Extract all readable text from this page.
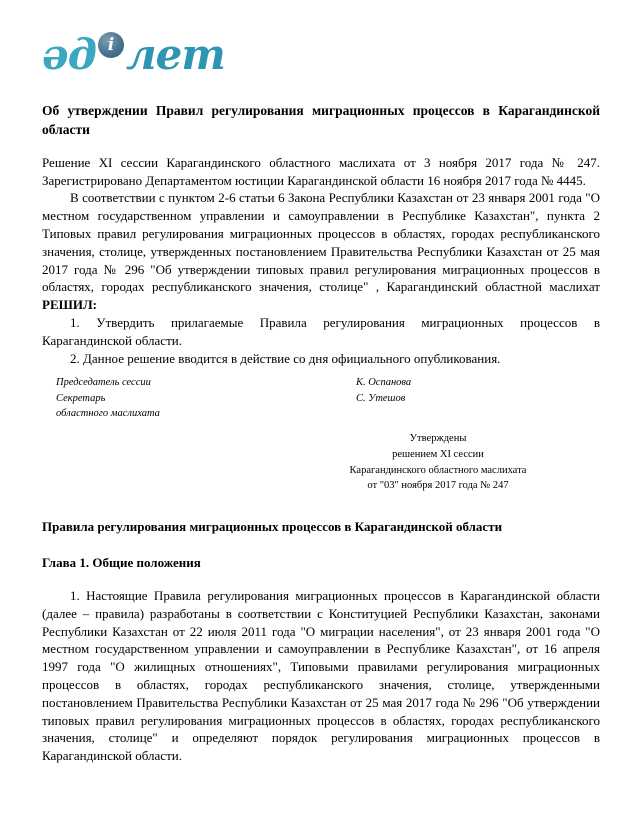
әд і лет
Об утверждении Правил регулирования миграционных процессов в Карагандинской области

Решение XI сессии Карагандинского областного маслихата от 3 ноября 2017 года № 247. Зарегистрировано Департаментом юстиции Карагандинской области 16 ноября 2017 года № 4445.

В соответствии с пунктом 2-6 статьи 6 Закона Республики Казахстан от 23 января 2001 года "О местном государственном управлении и самоуправлении в Республике Казахстан", пункта 2 Типовых правил регулирования миграционных процессов в областях, городах республиканского значения, столице, утвержденных постановлением Правительства Республики Казахстан от 25 мая 2017 года № 296 "Об утверждении типовых правил регулирования миграционных процессов в областях, городах республиканского значения, столице" , Карагандинский областной маслихат РЕШИЛ:

1. Утвердить прилагаемые Правила регулирования миграционных процессов в Карагандинской области.

2. Данное решение вводится в действие со дня официального опубликования.

Председатель сессии	К. Оспанова
Секретарь	С. Утешов
областного маслихата
Утверждены
решением XI сессии
Карагандинского областного маслихата
от "03" ноября 2017 года № 247
Правила регулирования миграционных процессов в Карагандинской области
Глава 1. Общие положения

1. Настоящие Правила регулирования миграционных процессов в Карагандинской области (далее – правила) разработаны в соответствии с Конституцией Республики Казахстан, законами Республики Казахстан от 22 июля 2011 года "О миграции населения", от 23 января 2001 года "О местном государственном управлении и самоуправлении в Республике Казахстан", от 16 апреля 1997 года "О жилищных отношениях", Типовыми правилами регулирования миграционных процессов в областях, городах республиканского значения, столице, утвержденными постановлением Правительства Республики Казахстан от 25 мая 2017 года № 296 "Об утверждении типовых правил регулирования миграционных процессов в областях, городах республиканского значения, столице" и определяют порядок регулирования миграционных процессов в Карагандинской области.
